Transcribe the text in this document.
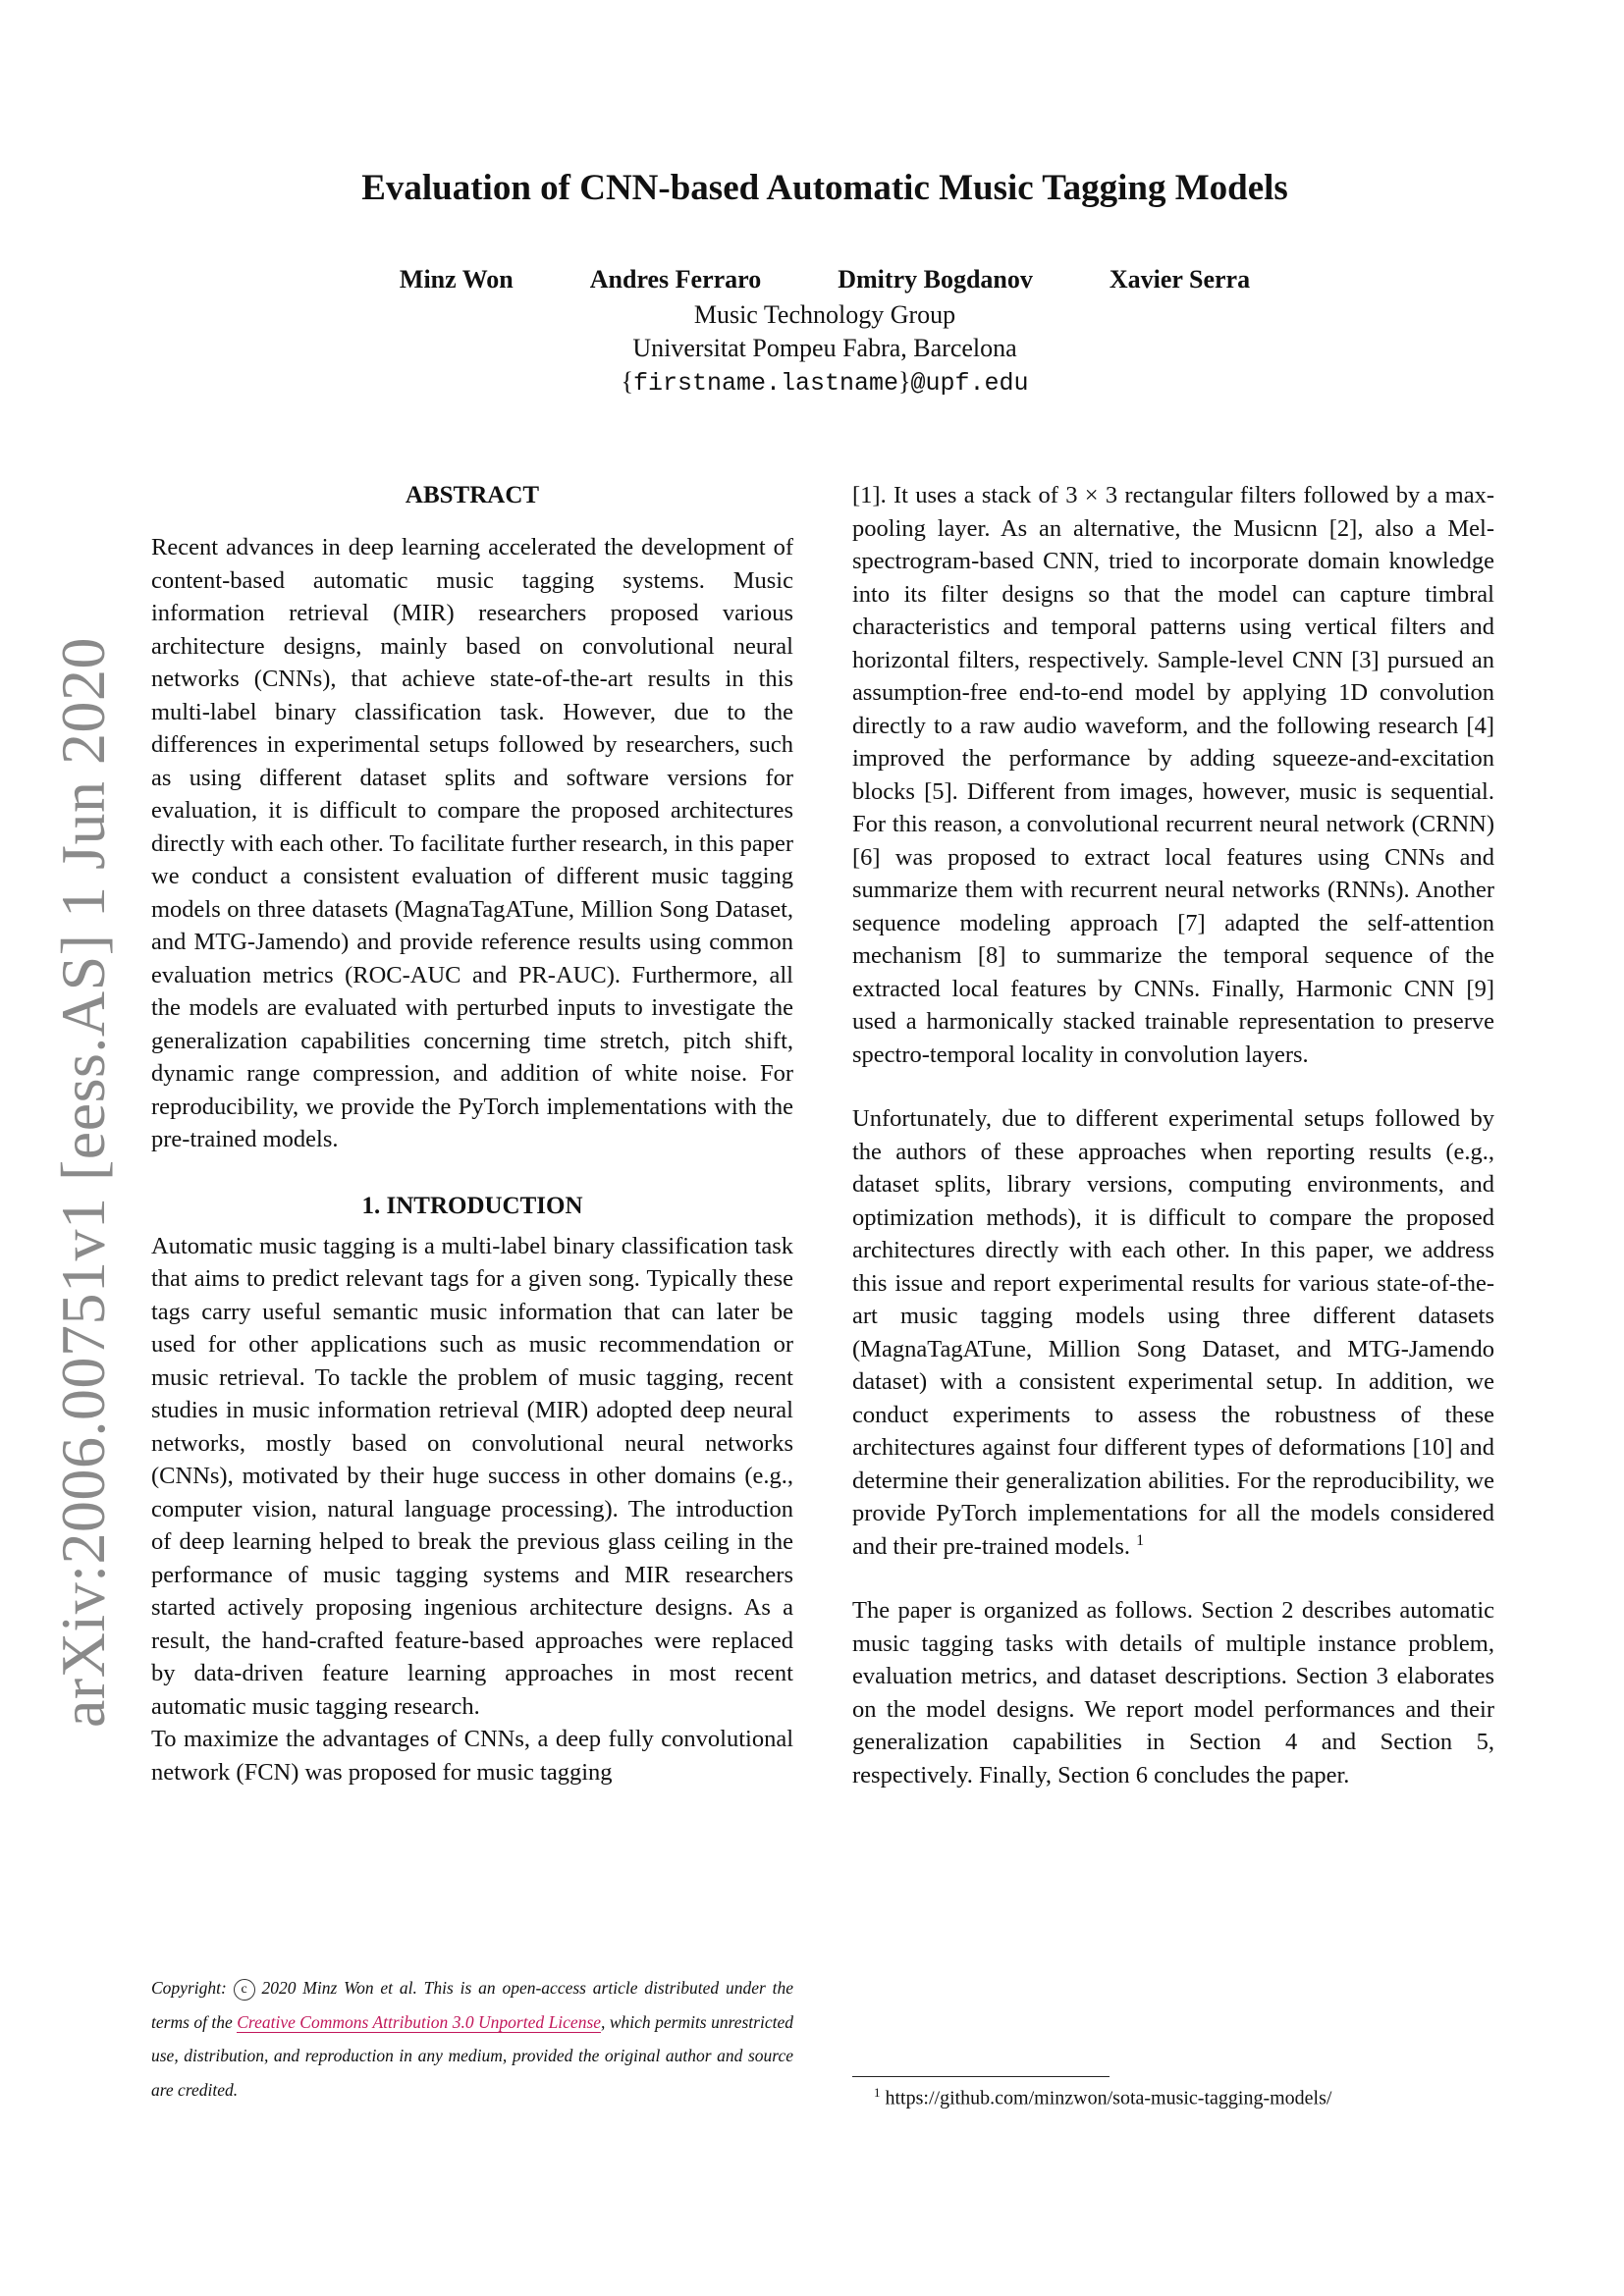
arXiv:2006.00751v1 [eess.AS] 1 Jun 2020
Evaluation of CNN-based Automatic Music Tagging Models
Minz Won	Andres Ferraro	Dmitry Bogdanov	Xavier Serra
Music Technology Group
Universitat Pompeu Fabra, Barcelona
{firstname.lastname}@upf.edu
ABSTRACT

Recent advances in deep learning accelerated the development of content-based automatic music tagging systems. Music information retrieval (MIR) researchers proposed various architecture designs, mainly based on convolutional neural networks (CNNs), that achieve state-of-the-art results in this multi-label binary classification task. However, due to the differences in experimental setups followed by researchers, such as using different dataset splits and software versions for evaluation, it is difficult to compare the proposed architectures directly with each other. To facilitate further research, in this paper we conduct a consistent evaluation of different music tagging models on three datasets (MagnaTagATune, Million Song Dataset, and MTG-Jamendo) and provide reference results using common evaluation metrics (ROC-AUC and PR-AUC). Furthermore, all the models are evaluated with perturbed inputs to investigate the generalization capabilities concerning time stretch, pitch shift, dynamic range compression, and addition of white noise. For reproducibility, we provide the PyTorch implementations with the pre-trained models.

1. INTRODUCTION

Automatic music tagging is a multi-label binary classification task that aims to predict relevant tags for a given song. Typically these tags carry useful semantic music information that can later be used for other applications such as music recommendation or music retrieval. To tackle the problem of music tagging, recent studies in music information retrieval (MIR) adopted deep neural networks, mostly based on convolutional neural networks (CNNs), motivated by their huge success in other domains (e.g., computer vision, natural language processing). The introduction of deep learning helped to break the previous glass ceiling in the performance of music tagging systems and MIR researchers started actively proposing ingenious architecture designs. As a result, the hand-crafted feature-based approaches were replaced by data-driven feature learning approaches in most recent automatic music tagging research.

To maximize the advantages of CNNs, a deep fully convolutional network (FCN) was proposed for music tagging

Copyright: c 2020 Minz Won et al. This is an open-access article distributed under the terms of the Creative Commons Attribution 3.0 Unported License, which permits unrestricted use, distribution, and reproduction in any medium, provided the original author and source are credited.

[1]. It uses a stack of 3 × 3 rectangular filters followed by a max-pooling layer. As an alternative, the Musicnn [2], also a Mel-spectrogram-based CNN, tried to incorporate domain knowledge into its filter designs so that the model can capture timbral characteristics and temporal patterns using vertical filters and horizontal filters, respectively. Sample-level CNN [3] pursued an assumption-free end-to-end model by applying 1D convolution directly to a raw audio waveform, and the following research [4] improved the performance by adding squeeze-and-excitation blocks [5]. Different from images, however, music is sequential. For this reason, a convolutional recurrent neural network (CRNN) [6] was proposed to extract local features using CNNs and summarize them with recurrent neural networks (RNNs). Another sequence modeling approach [7] adapted the self-attention mechanism [8] to summarize the temporal sequence of the extracted local features by CNNs. Finally, Harmonic CNN [9] used a harmonically stacked trainable representation to preserve spectro-temporal locality in convolution layers.

Unfortunately, due to different experimental setups followed by the authors of these approaches when reporting results (e.g., dataset splits, library versions, computing environments, and optimization methods), it is difficult to compare the proposed architectures directly with each other. In this paper, we address this issue and report experimental results for various state-of-the-art music tagging models using three different datasets (MagnaTagATune, Million Song Dataset, and MTG-Jamendo dataset) with a consistent experimental setup. In addition, we conduct experiments to assess the robustness of these architectures against four different types of deformations [10] and determine their generalization abilities. For the reproducibility, we provide PyTorch implementations for all the models considered and their pre-trained models. $^1$

The paper is organized as follows. Section 2 describes automatic music tagging tasks with details of multiple instance problem, evaluation metrics, and dataset descriptions. Section 3 elaborates on the model designs. We report model performances and their generalization capabilities in Section 4 and Section 5, respectively. Finally, Section 6 concludes the paper.

$^1$ https://github.com/minzwon/sota-music-tagging-models/
